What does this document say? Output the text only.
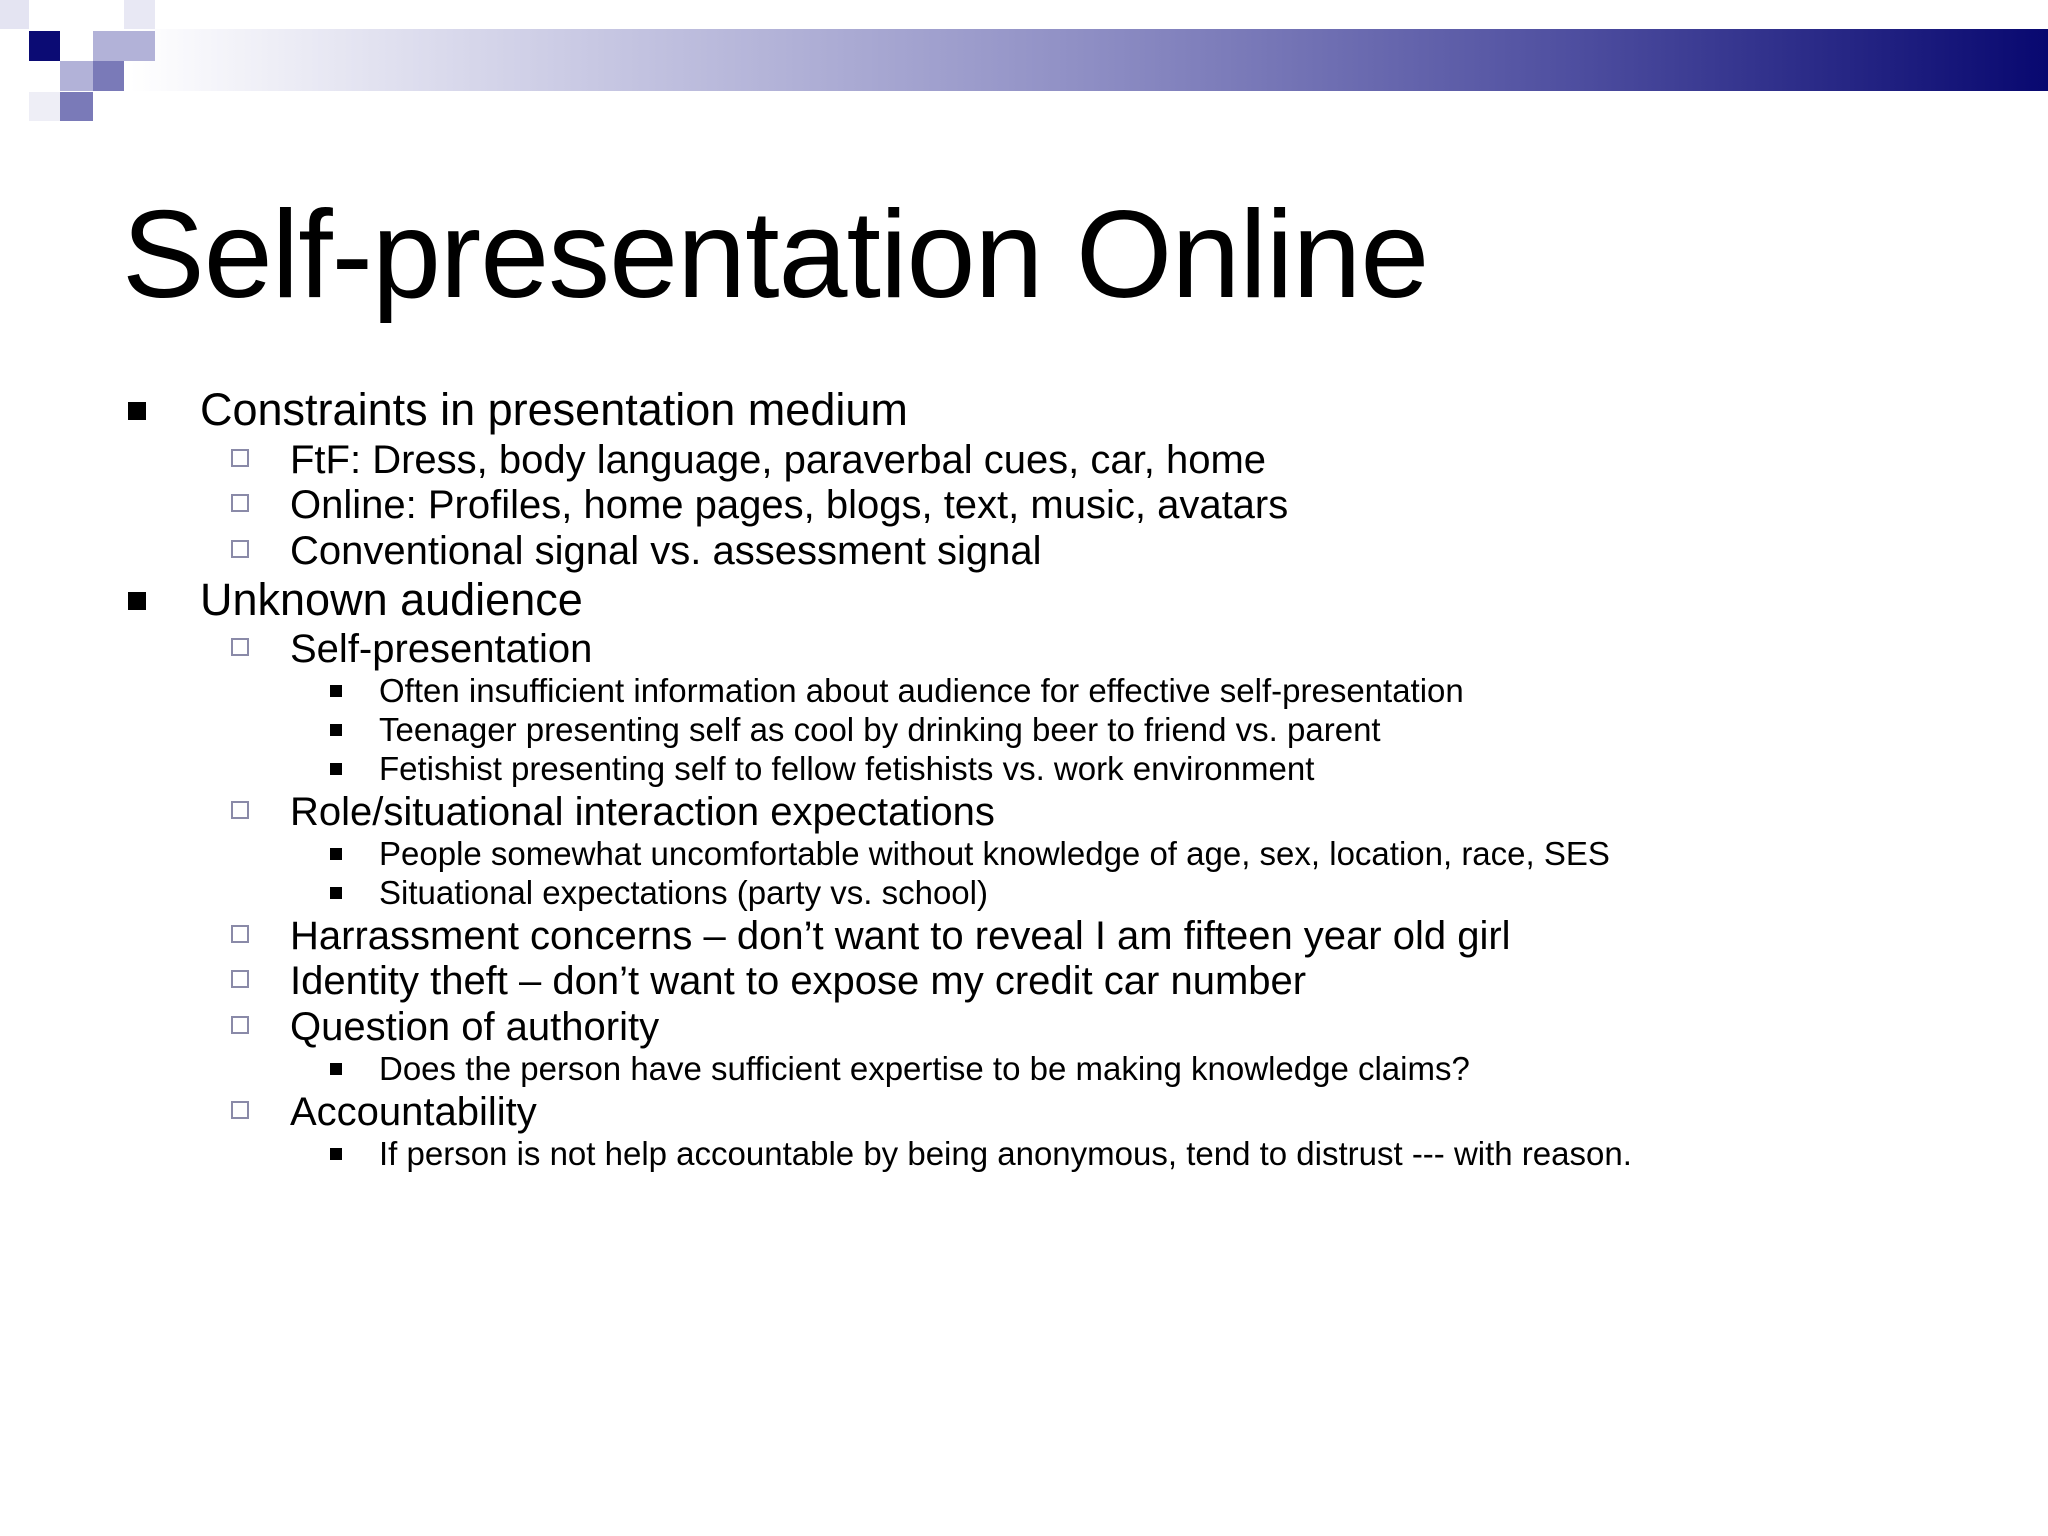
Self-presentation Online
Constraints in presentation medium
FtF: Dress, body language, paraverbal cues, car, home
Online: Profiles, home pages, blogs, text, music, avatars
Conventional signal vs. assessment signal
Unknown audience
Self-presentation
Often insufficient information about audience for effective self-presentation
Teenager presenting self as cool by drinking beer to friend vs. parent
Fetishist presenting self to fellow fetishists vs. work environment
Role/situational interaction expectations
People somewhat uncomfortable without knowledge of age, sex, location, race, SES
Situational expectations (party vs. school)
Harrassment concerns – don’t want to reveal I am fifteen year old girl
Identity theft – don’t want to expose my credit car number
Question of authority
Does the person have sufficient expertise to be making knowledge claims?
Accountability
If person is not help accountable by being anonymous, tend to distrust --- with reason.
